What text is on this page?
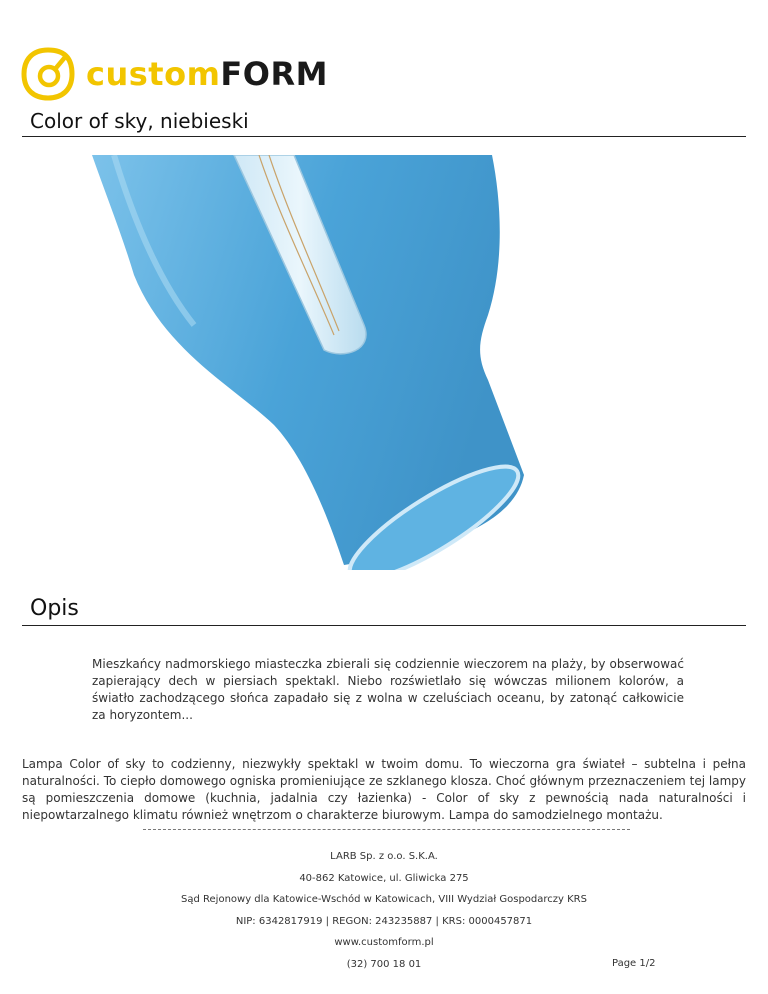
customFORM
Color of sky, niebieski
Opis

Mieszkańcy nadmorskiego miasteczka zbierali się codziennie wieczorem na plaży, by obserwować zapierający dech w piersiach spektakl. Niebo rozświetlało się wówczas milionem kolorów, a światło zachodzącego słońca zapadało się z wolna w czeluściach oceanu, by zatonąć całkowicie za horyzontem...

Lampa Color of sky to codzienny, niezwykły spektakl w twoim domu. To wieczorna gra świateł – subtelna i pełna naturalności. To ciepło domowego ogniska promieniujące ze szklanego klosza. Choć głównym przeznaczeniem tej lampy są pomieszczenia domowe (kuchnia, jadalnia czy łazienka) - Color of sky z pewnością nada naturalności i niepowtarzalnego klimatu również wnętrzom o charakterze biurowym. Lampa do samodzielnego montażu.

LARB Sp. z o.o. S.K.A.
40-862 Katowice, ul. Gliwicka 275
Sąd Rejonowy dla Katowice-Wschód w Katowicach, VIII Wydział Gospodarczy KRS
NIP: 6342817919 | REGON: 243235887 | KRS: 0000457871
www.customform.pl
(32) 700 18 01	Page 1/2
